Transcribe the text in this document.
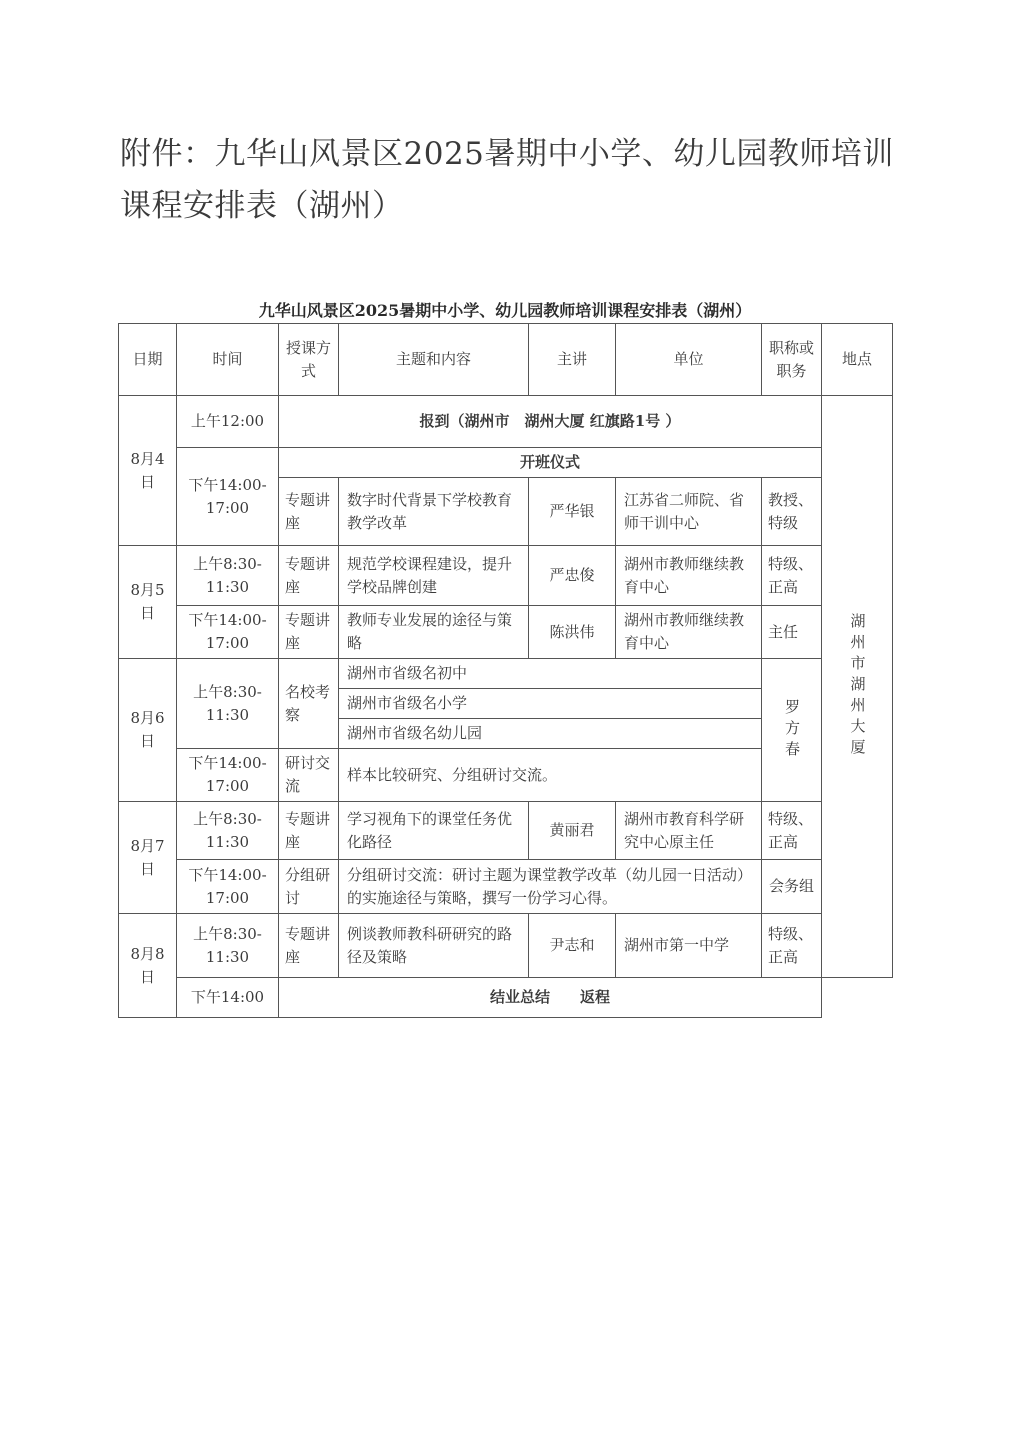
附件：九华山风景区2025暑期中小学、幼儿园教师培训课程安排表（湖州）
九华山风景区2025暑期中小学、幼儿园教师培训课程安排表（湖州）
日期	时间	授课方式	主题和内容	主讲	单位	职称或职务	地点
8月4日	上午12:00	报到（湖州市　湖州大厦 红旗路1号 ）					湖州市湖州大厦

	下午14:00-17:00	开班仪式					
		专题讲座	数字时代背景下学校教育教学改革	严华银	江苏省二师院、省师干训中心	教授、特级	
8月5日	上午8:30-11:30	专题讲座	规范学校课程建设，提升学校品牌创建	严忠俊	湖州市教师继续教育中心	特级、正高	
	下午14:00-17:00	专题讲座	教师专业发展的途径与策略	陈洪伟	湖州市教师继续教育中心	主任	
8月6日	上午8:30-11:30	名校考察	湖州市省级名初中			罗方春	

			湖州市省级名小学				
			湖州市省级名幼儿园				
	下午14:00-17:00	研讨交流	样本比较研究、分组研讨交流。				
8月7日	上午8:30-11:30	专题讲座	学习视角下的课堂任务优化路径	黄丽君	湖州市教育科学研究中心原主任	特级、正高	
	下午14:00-17:00	分组研讨	分组研讨交流：研讨主题为课堂教学改革（幼儿园一日活动）的实施途径与策略，撰写一份学习心得。			会务组	
8月8日	上午8:30-11:30	专题讲座	例谈教师教科研研究的路径及策略	尹志和	湖州市第一中学	特级、正高	
	下午14:00	结业总结　　返程					
